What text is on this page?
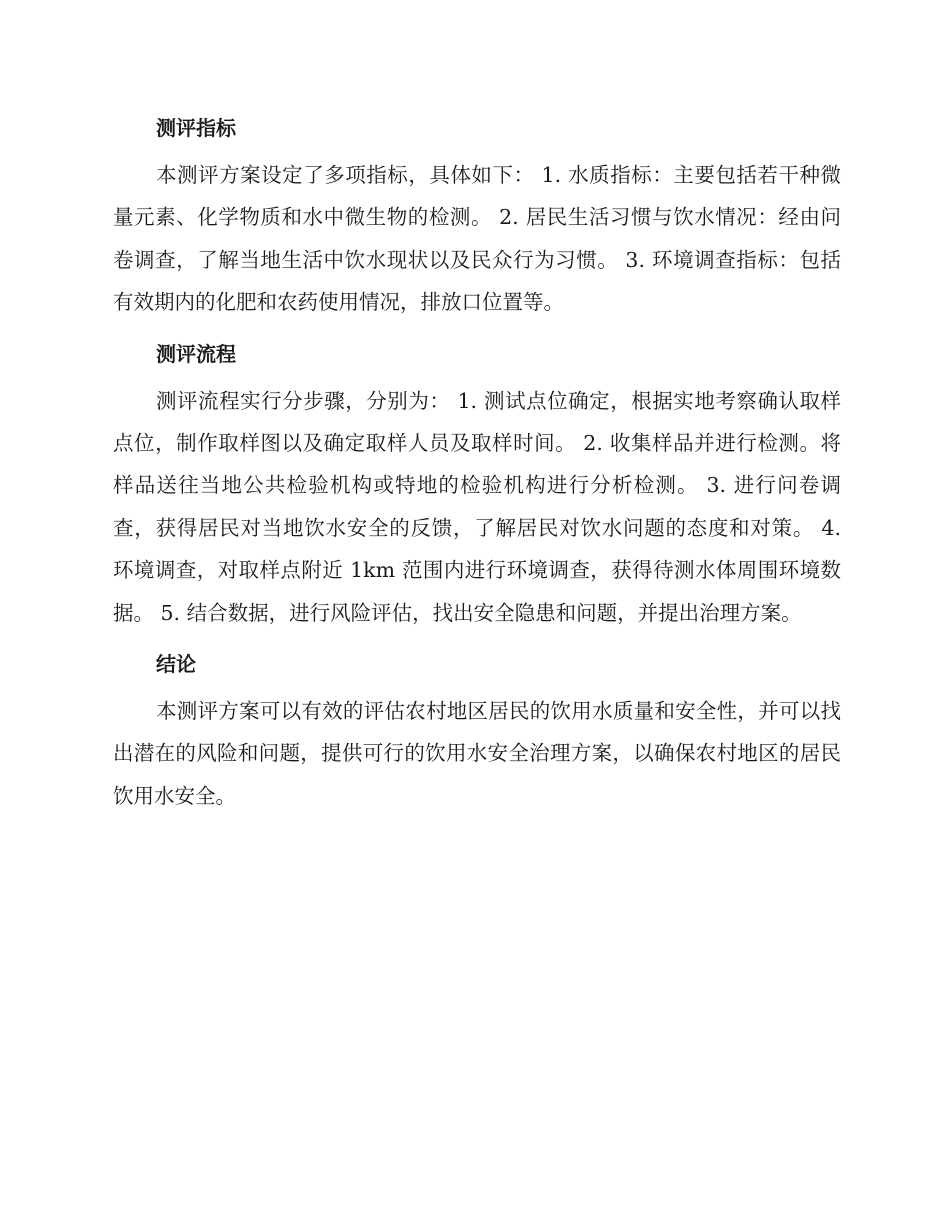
测评指标

本测评方案设定了多项指标，具体如下： 1. 水质指标：主要包括若干种微量元素、化学物质和水中微生物的检测。 2. 居民生活习惯与饮水情况：经由问卷调查，了解当地生活中饮水现状以及民众行为习惯。 3. 环境调查指标：包括有效期内的化肥和农药使用情况，排放口位置等。

测评流程

测评流程实行分步骤，分别为： 1. 测试点位确定，根据实地考察确认取样点位，制作取样图以及确定取样人员及取样时间。 2. 收集样品并进行检测。将样品送往当地公共检验机构或特地的检验机构进行分析检测。 3. 进行问卷调查，获得居民对当地饮水安全的反馈，了解居民对饮水问题的态度和对策。 4. 环境调查，对取样点附近 1km 范围内进行环境调查，获得待测水体周围环境数据。 5. 结合数据，进行风险评估，找出安全隐患和问题，并提出治理方案。

结论

本测评方案可以有效的评估农村地区居民的饮用水质量和安全性，并可以找出潜在的风险和问题，提供可行的饮用水安全治理方案，以确保农村地区的居民饮用水安全。
